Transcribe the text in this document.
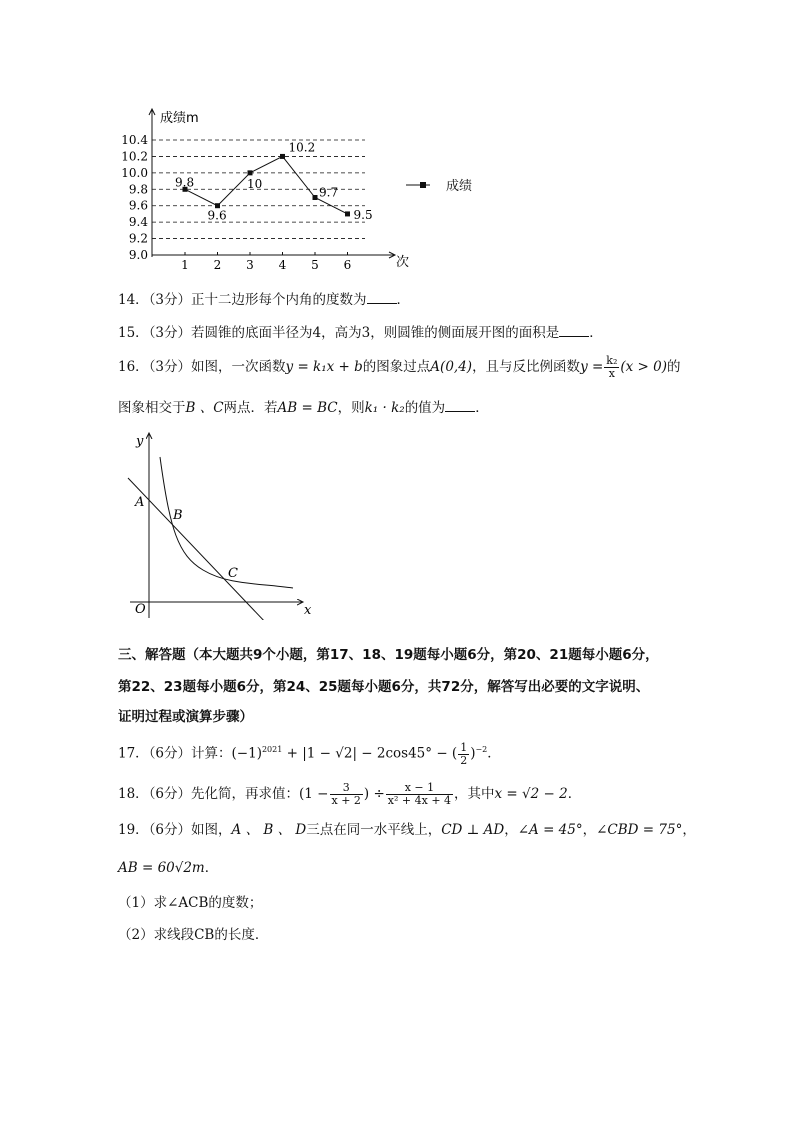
9.0
9.2
9.4
9.6
9.8
10.0
10.2
10.4
1 2 3 4 5 6
9.8
9.6
10
10.2
9.7
9.5
成绩m
次
成绩
14．（3分）正十二边形每个内角的度数为 ．
15．（3分）若圆锥的底面半径为4，高为3，则圆锥的侧面展开图的面积是 ．
16．（3分）如图，一次函数y = k₁x + b的图象过点A(0,4)，且与反比例函数$y = \frac{\text{k₂}}{x} (x > 0)$的
图象相交于B 、C两点．若AB = BC，则k₁ · k₂的值为 ．
y
x
O
A
B
C
三、解答题（本大题共9个小题，第17、18、19题每小题6分，第20、21题每小题6分，
第22、23题每小题6分，第24、25题每小题6分，共72分，解答写出必要的文字说明、
证明过程或演算步骤）
17．（6分）计算：$(-1)^{2021} + |1 - √2| - 2\cos 45^\circ$ − ( $\frac{1}{2} )^{-2}$．
18．（6分）先化简，再求值：($1 - \frac{3}{x + 2}$ ) ÷ $\frac{x - 1}{\text{x² + 4x + 4}}$ ，其中x = √2 − 2．
19．（6分）如图，A 、 B 、 D三点在同一水平线上，CD ⊥ AD，∠A = 45°，∠CBD = 75°，
AB = 60√2m．
（1）求∠ACB的度数；
（2）求线段CB的长度．
